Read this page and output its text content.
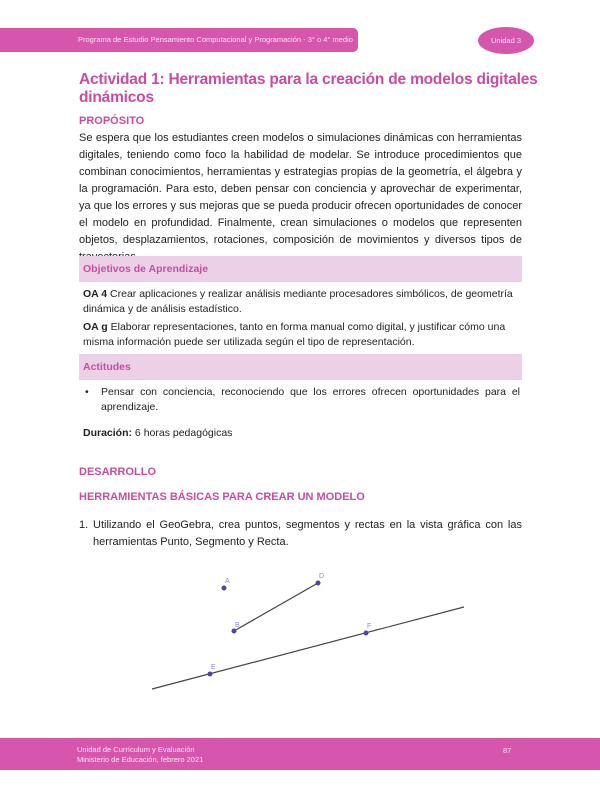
Programa de Estudio Pensamiento Computacional y Programación - 3° o 4° medio	Unidad 3
Actividad 1: Herramientas para la creación de modelos digitales dinámicos
PROPÓSITO
Se espera que los estudiantes creen modelos o simulaciones dinámicas con herramientas digitales, teniendo como foco la habilidad de modelar. Se introduce procedimientos que combinan conocimientos, herramientas y estrategias propias de la geometría, el álgebra y la programación. Para esto, deben pensar con conciencia y aprovechar de experimentar, ya que los errores y sus mejoras que se pueda producir ofrecen oportunidades de conocer el modelo en profundidad. Finalmente, crean simulaciones o modelos que representen objetos, desplazamientos, rotaciones, composición de movimientos y diversos tipos de
Objetivos de Aprendizaje
OA 4 Crear aplicaciones y realizar análisis mediante procesadores simbólicos, de geometría dinámica y de análisis estadístico.
OA g Elaborar representaciones, tanto en forma manual como digital, y justificar cómo una misma información puede ser utilizada según el tipo de representación.
Actitudes
• Pensar con conciencia, reconociendo que los errores ofrecen oportunidades para el aprendizaje.
Duración: 6 horas pedagógicas
DESARROLLO
HERRAMIENTAS BÁSICAS PARA CREAR UN MODELO
1. Utilizando el GeoGebra, crea puntos, segmentos y rectas en la vista gráfica con las herramientas Punto, Segmento y Recta.
A
B
D
E
F
Unidad de Currículum y Evaluación
Ministerio de Educación, febrero 2021
87
